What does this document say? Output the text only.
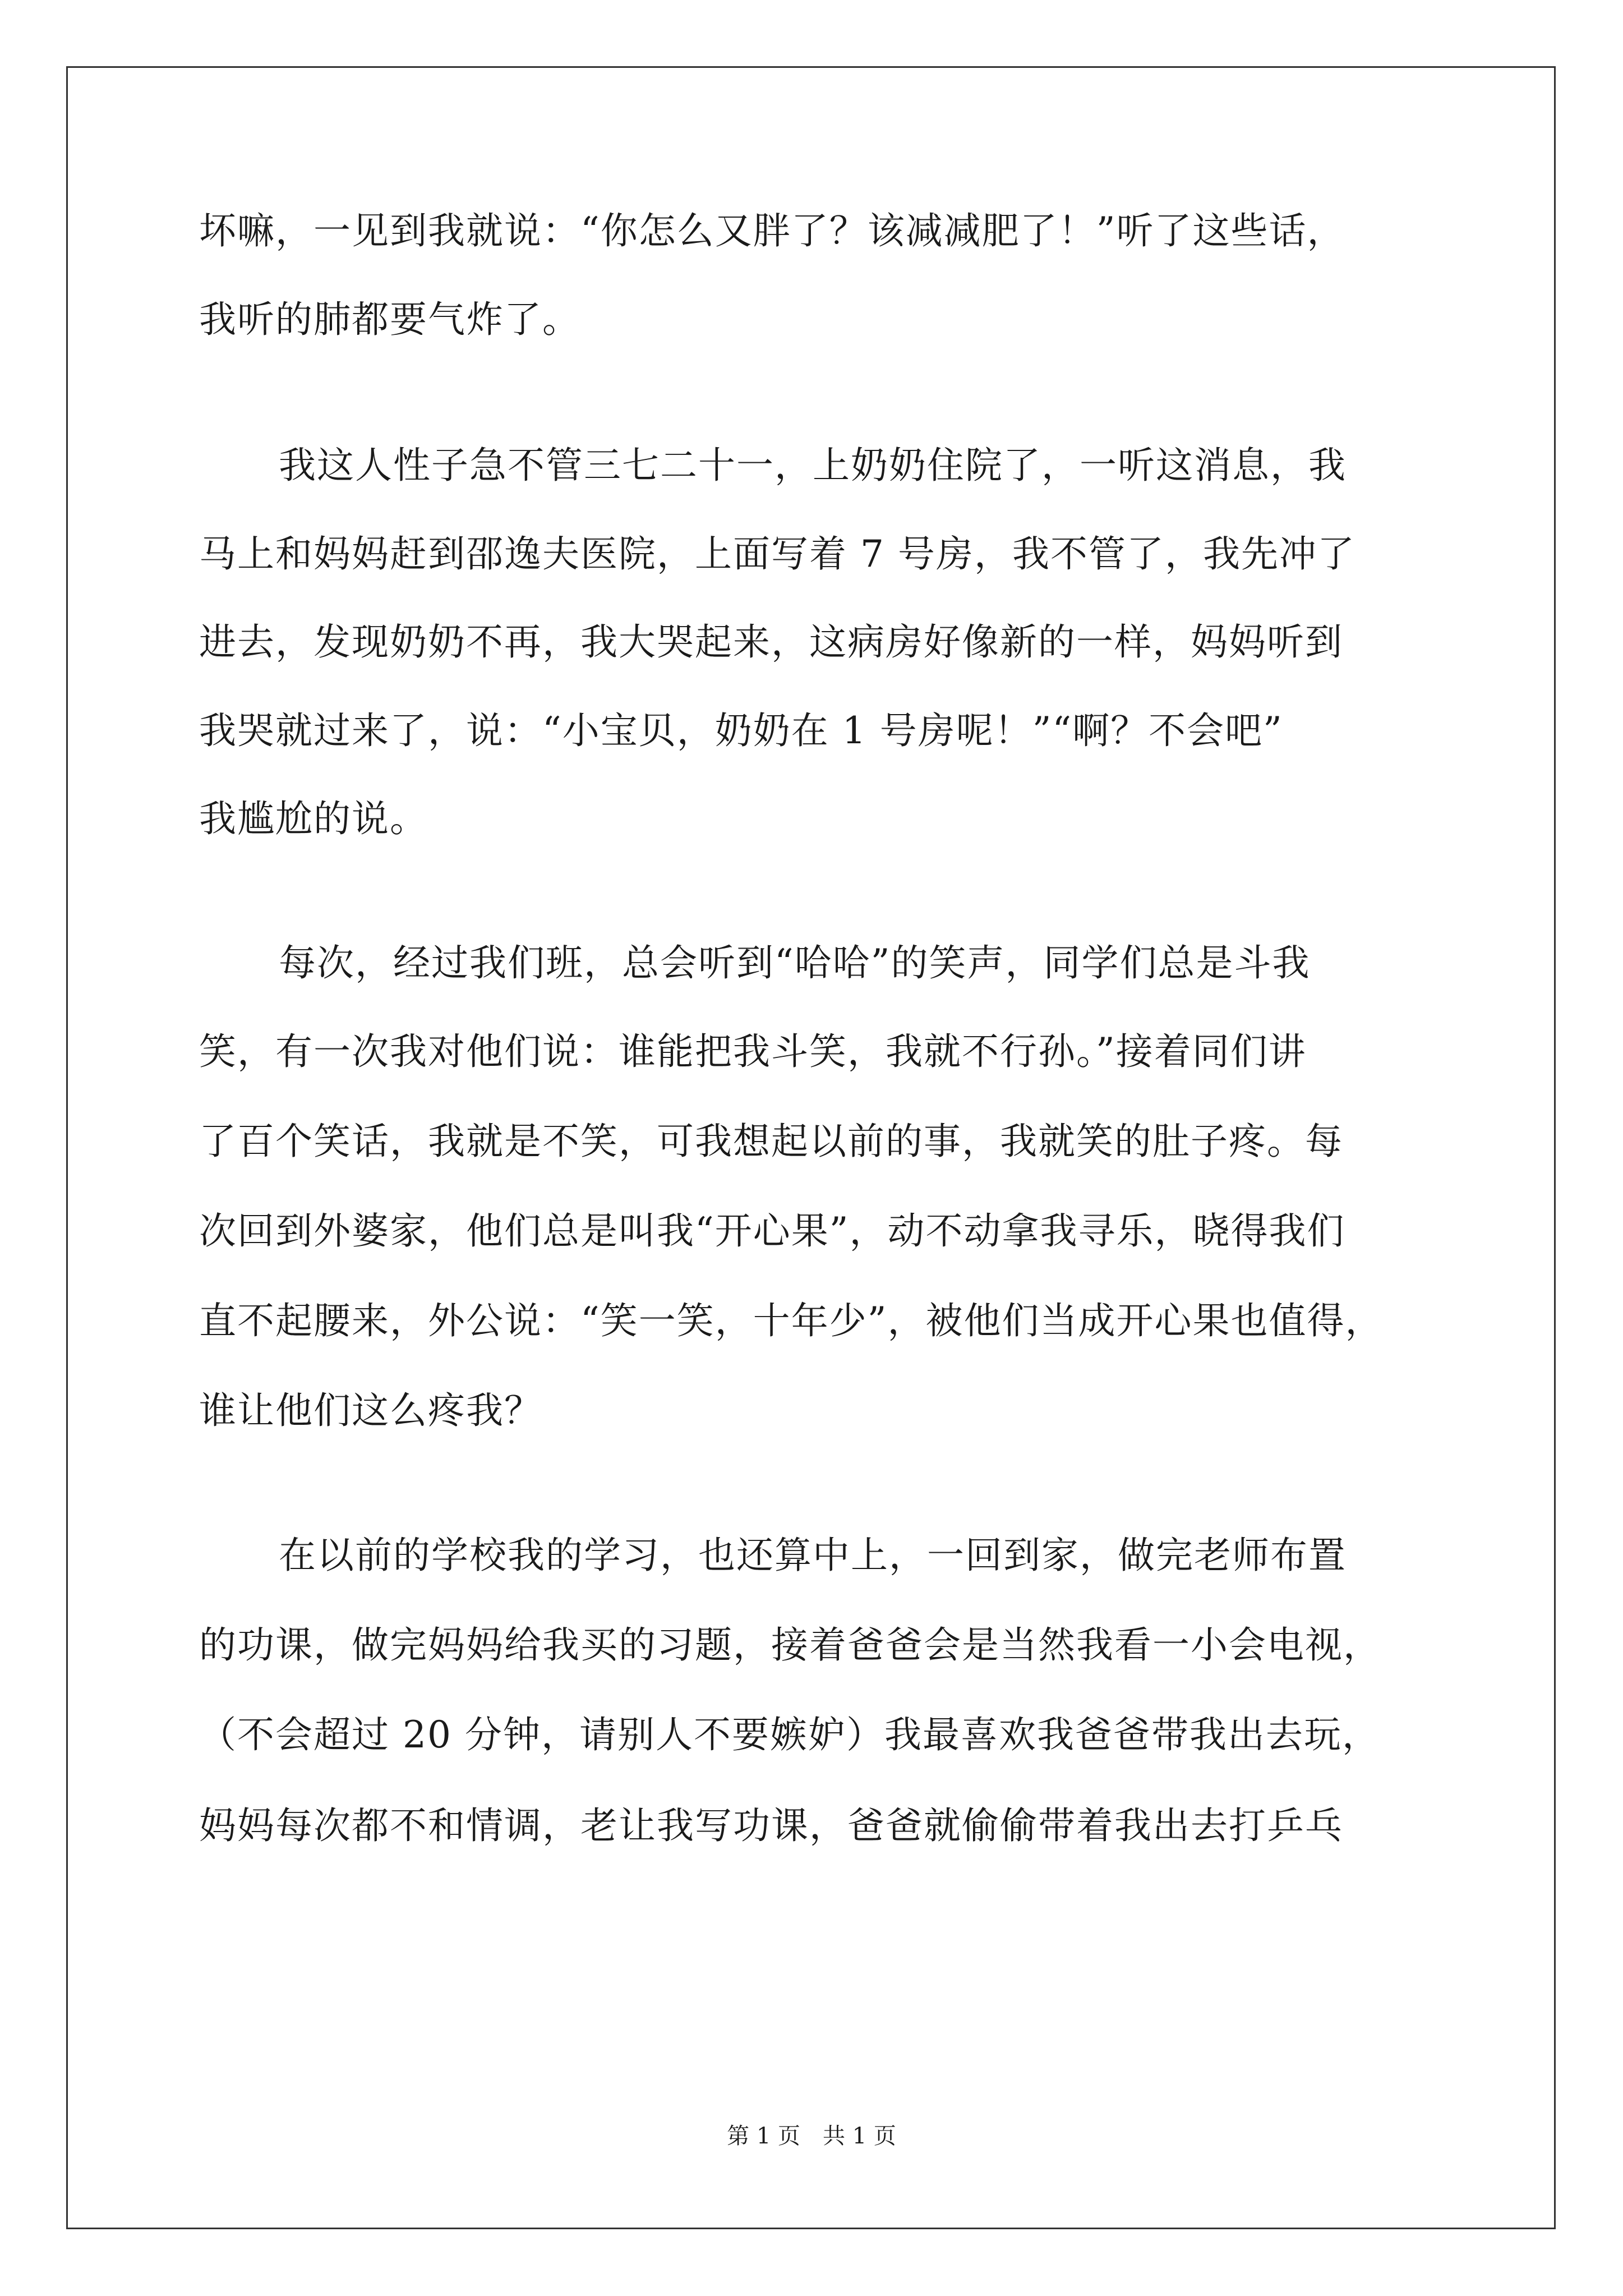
坏嘛，一见到我就说：“你怎么又胖了？该减减肥了！”听了这些话，
我听的肺都要气炸了。
我这人性子急不管三七二十一，上奶奶住院了，一听这消息，我
马上和妈妈赶到邵逸夫医院，上面写着 7 号房，我不管了，我先冲了
进去，发现奶奶不再，我大哭起来，这病房好像新的一样，妈妈听到
我哭就过来了，说：“小宝贝，奶奶在 1 号房呢！”“啊？不会吧”
我尴尬的说。
每次，经过我们班，总会听到“哈哈”的笑声，同学们总是斗我
笑，有一次我对他们说：谁能把我斗笑，我就不行孙。”接着同们讲
了百个笑话，我就是不笑，可我想起以前的事，我就笑的肚子疼。每
次回到外婆家，他们总是叫我“开心果”，动不动拿我寻乐，晓得我们
直不起腰来，外公说：“笑一笑，十年少”，被他们当成开心果也值得，
谁让他们这么疼我？
在以前的学校我的学习，也还算中上，一回到家，做完老师布置
的功课，做完妈妈给我买的习题，接着爸爸会是当然我看一小会电视，
（不会超过 20 分钟，请别人不要嫉妒）我最喜欢我爸爸带我出去玩，
妈妈每次都不和情调，老让我写功课，爸爸就偷偷带着我出去打乒乓
第 1 页　共 1 页
